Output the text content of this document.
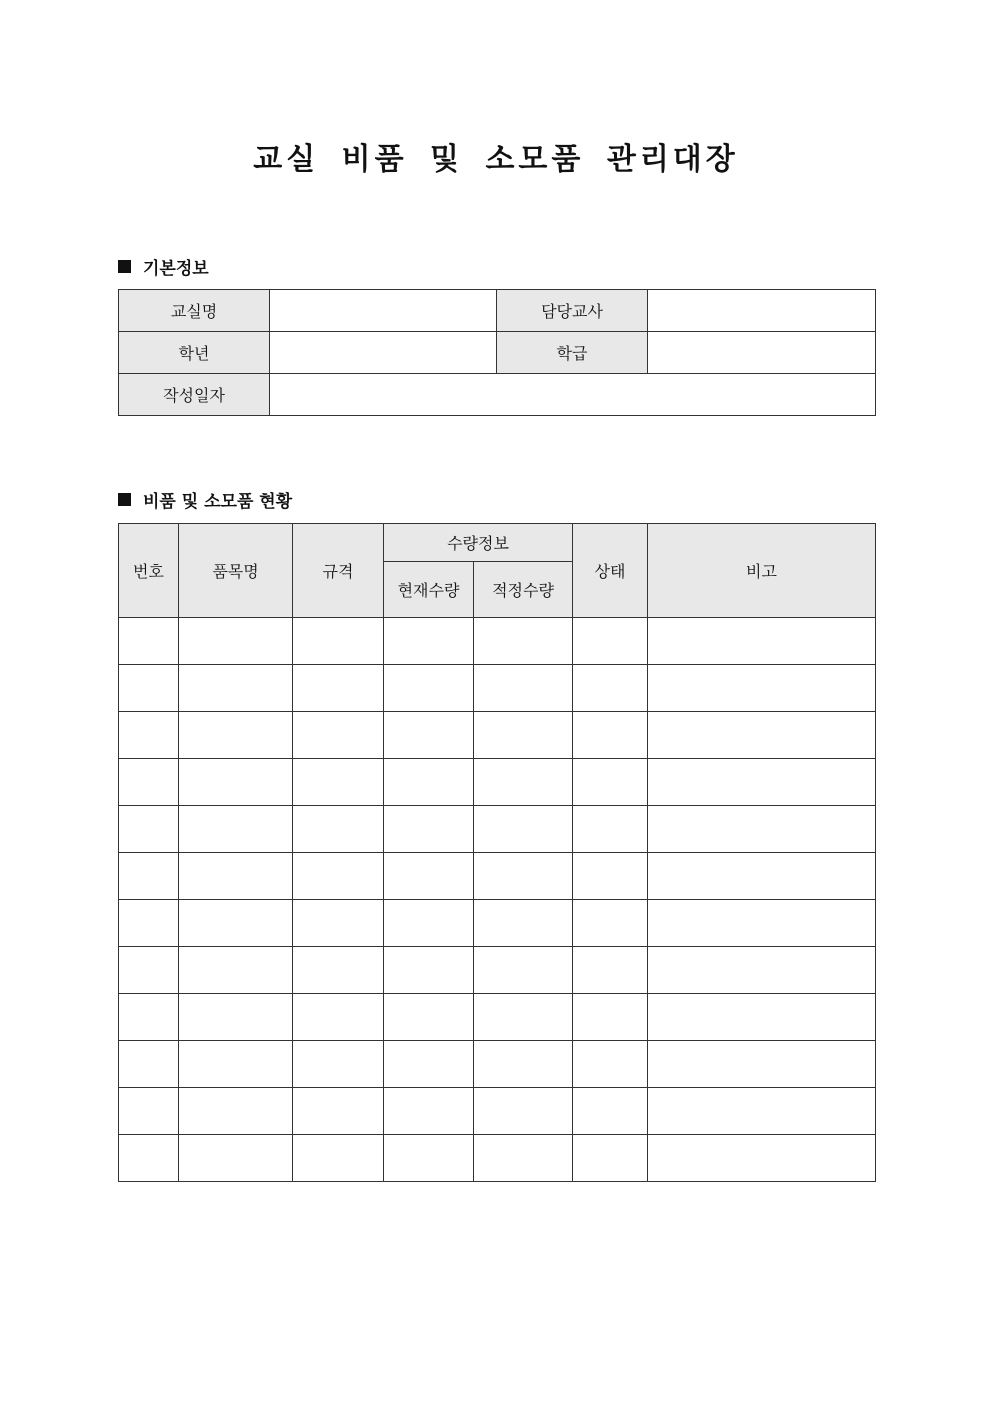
교실 비품 및 소모품 관리대장
기본정보
교실명		담당교사	
학년		학급	
작성일자			
비품 및 소모품 현황
번호	품목명	규격	수량정보		상태	비고
			현재수량	적정수량		
